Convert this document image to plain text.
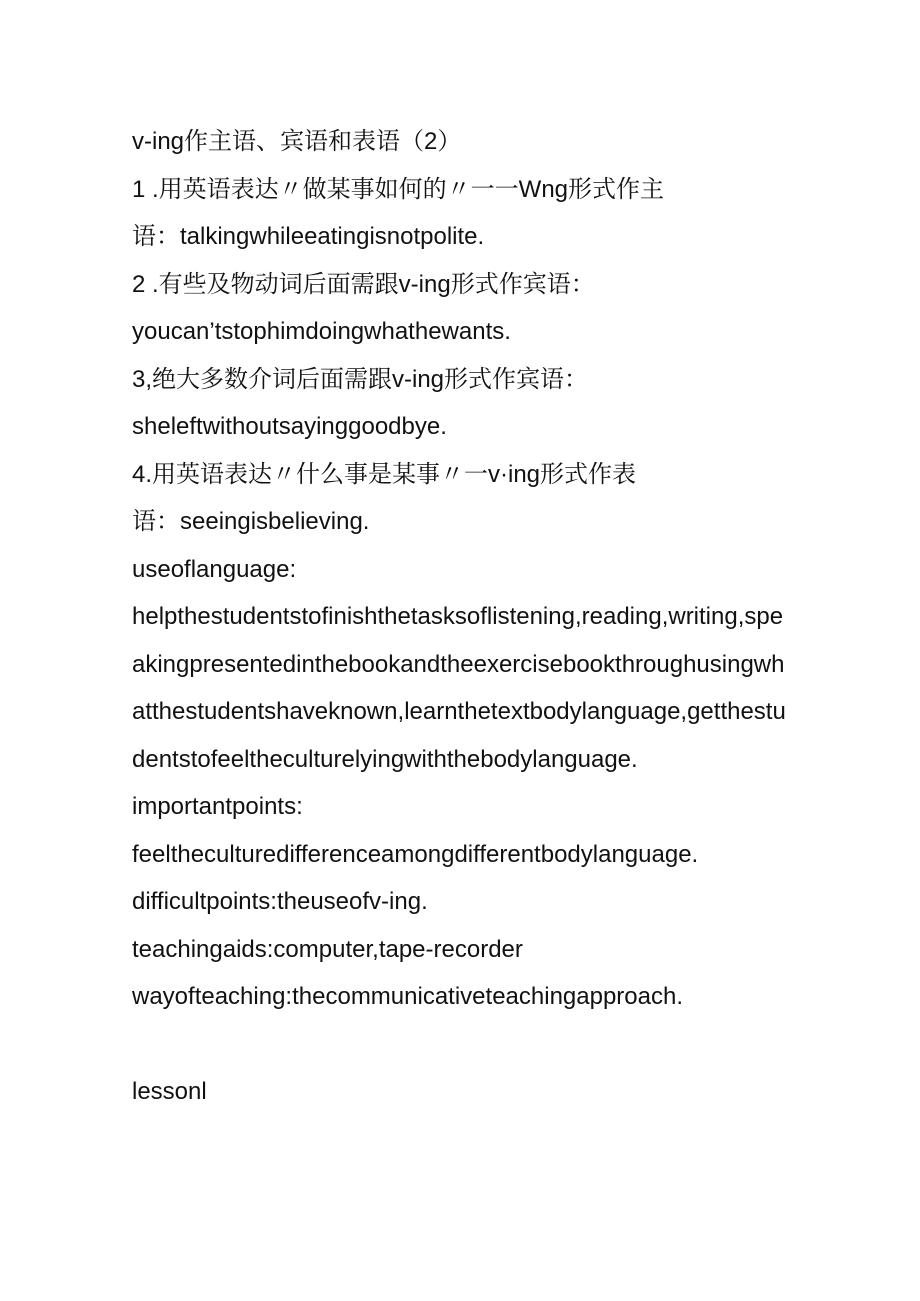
v-ing作主语、宾语和表语（2）
1 .用英语表达〃做某事如何的〃一一Wng形式作主
语：talkingwhileeatingisnotpolite.
2 .有些及物动词后面需跟v-ing形式作宾语：
youcan’tstophimdoingwhathewants.
3,绝大多数介词后面需跟v-ing形式作宾语：
sheleftwithoutsayinggoodbye.
4.用英语表达〃什么事是某事〃一v·ing形式作表
语：seeingisbelieving.
useoflanguage:
helpthestudentstofinishthetasksoflistening,reading,writing,speakingpresentedinthebookandtheexercisebookthroughusingwhatthestudentshaveknown,learnthetextbodylanguage,getthestudentstofeeltheculturelyingwiththebodylanguage.
importantpoints:
feeltheculturedifferenceamongdifferentbodylanguage.
difficultpoints:theuseofv-ing.
teachingaids:computer,tape-recorder
wayofteaching:thecommunicativeteachingapproach.
lessonl
